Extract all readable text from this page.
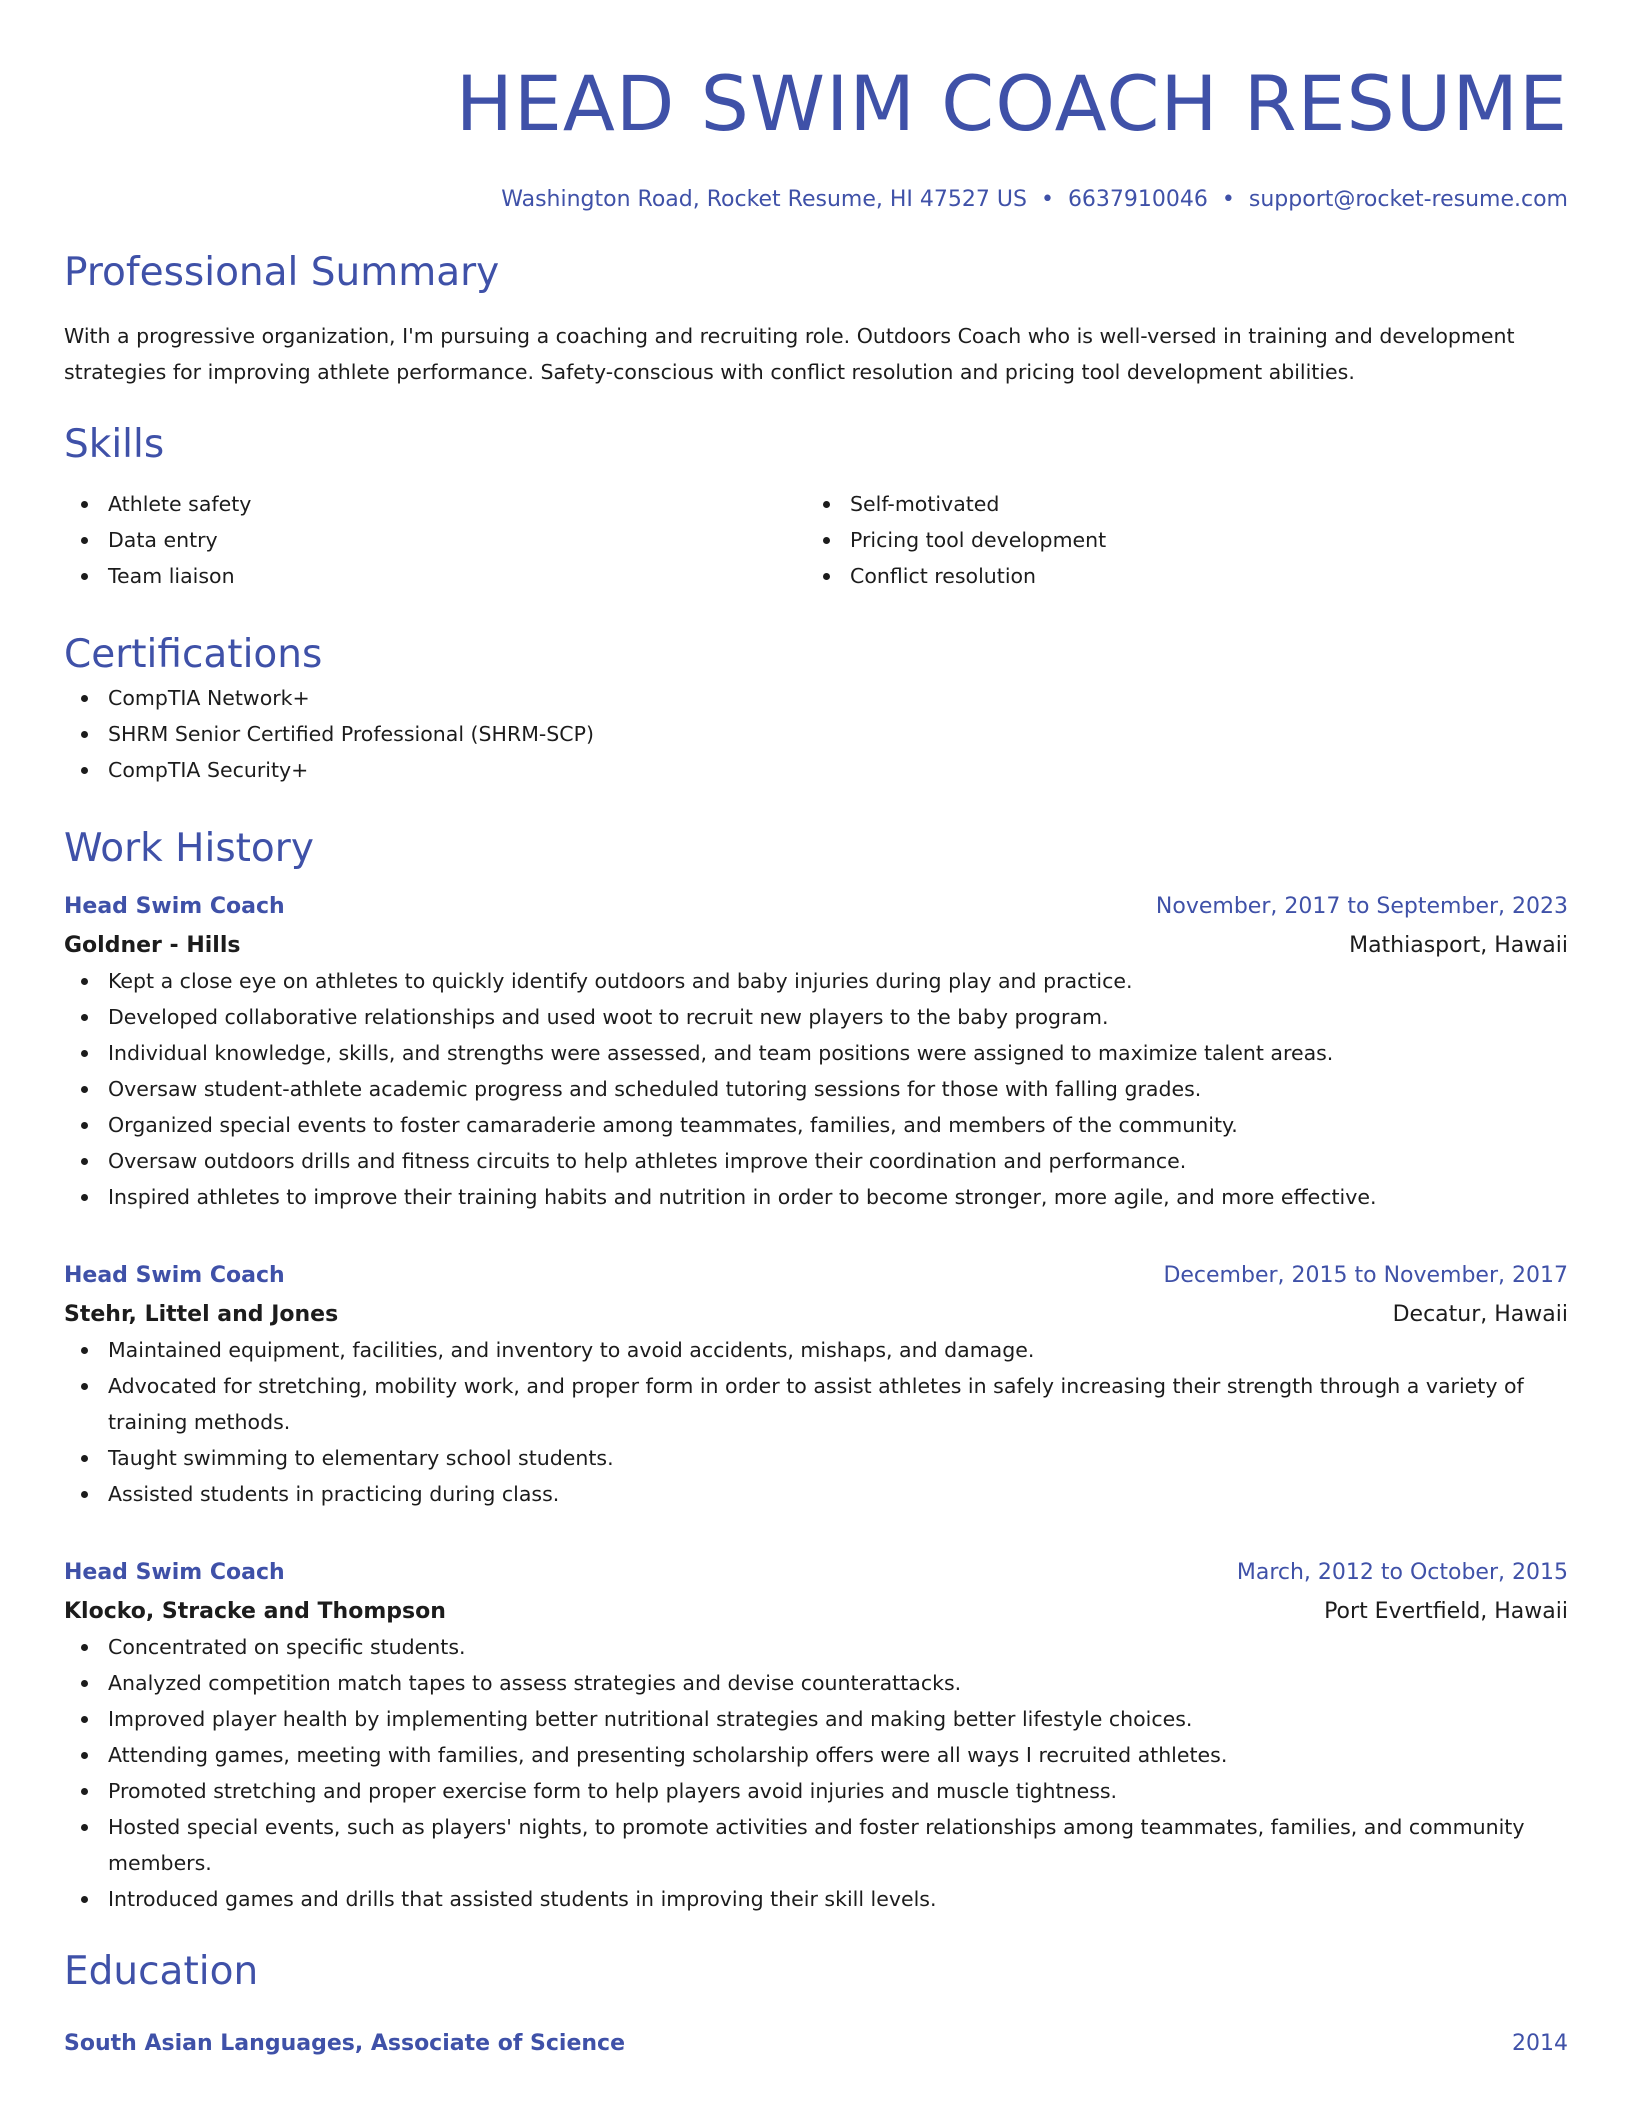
HEAD SWIM COACH RESUME
Washington Road, Rocket Resume, HI 47527 US • 6637910046 • support@rocket-resume.com
Professional Summary
With a progressive organization, I'm pursuing a coaching and recruiting role. Outdoors Coach who is well-versed in training and development strategies for improving athlete performance. Safety-conscious with conflict resolution and pricing tool development abilities.
Skills
Athlete safety
Data entry
Team liaison
Self-motivated
Pricing tool development
Conflict resolution
Certifications
CompTIA Network+
SHRM Senior Certified Professional (SHRM-SCP)
CompTIA Security+
Work History
Head Swim Coach	November, 2017 to September, 2023
Goldner - Hills	Mathiasport, Hawaii
Kept a close eye on athletes to quickly identify outdoors and baby injuries during play and practice.
Developed collaborative relationships and used woot to recruit new players to the baby program.
Individual knowledge, skills, and strengths were assessed, and team positions were assigned to maximize talent areas.
Oversaw student-athlete academic progress and scheduled tutoring sessions for those with falling grades.
Organized special events to foster camaraderie among teammates, families, and members of the community.
Oversaw outdoors drills and fitness circuits to help athletes improve their coordination and performance.
Inspired athletes to improve their training habits and nutrition in order to become stronger, more agile, and more effective.
Head Swim Coach	December, 2015 to November, 2017
Stehr, Littel and Jones	Decatur, Hawaii
Maintained equipment, facilities, and inventory to avoid accidents, mishaps, and damage.
Advocated for stretching, mobility work, and proper form in order to assist athletes in safely increasing their strength through a variety of training methods.
Taught swimming to elementary school students.
Assisted students in practicing during class.
Head Swim Coach	March, 2012 to October, 2015
Klocko, Stracke and Thompson	Port Evertfield, Hawaii
Concentrated on specific students.
Analyzed competition match tapes to assess strategies and devise counterattacks.
Improved player health by implementing better nutritional strategies and making better lifestyle choices.
Attending games, meeting with families, and presenting scholarship offers were all ways I recruited athletes.
Promoted stretching and proper exercise form to help players avoid injuries and muscle tightness.
Hosted special events, such as players' nights, to promote activities and foster relationships among teammates, families, and community members.
Introduced games and drills that assisted students in improving their skill levels.
Education
South Asian Languages, Associate of Science	2014
